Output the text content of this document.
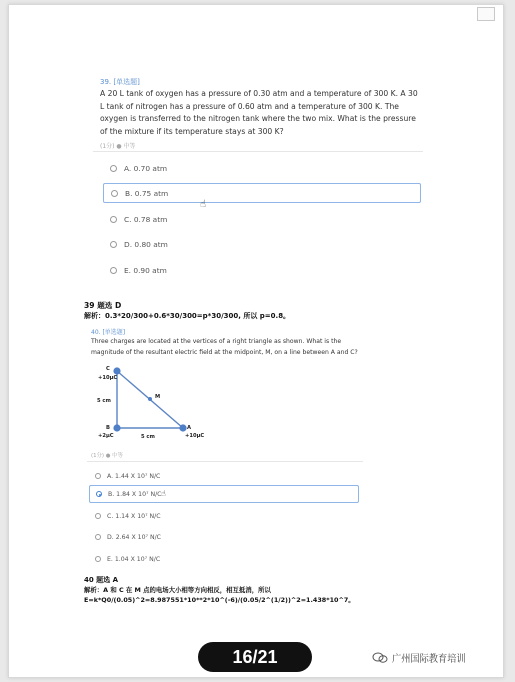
39. [单选题]
A 20 L tank of oxygen has a pressure of 0.30 atm and a temperature of 300 K. A 30 L tank of nitrogen has a pressure of 0.60 atm and a temperature of 300 K. The oxygen is transferred to the nitrogen tank where the two mix. What is the pressure of the mixture if its temperature stays at 300 K?
(1分) ● 中等
A. 0.70 atm
B. 0.75 atm
☝
C. 0.78 atm
D. 0.80 atm
E. 0.90 atm
39 题选 D
解析：0.3*20/300+0.6*30/300=p*30/300, 所以 p=0.8。
40. [单选题]
Three charges are located at the vertices of a right triangle as shown. What is the magnitude of the resultant electric field at the midpoint, M, on a line between A and C?
C
+10μC
B
+2μC
A
+10μC
M
5 cm
5 cm
(1分) ● 中等
A. 1.44 X 10⁷ N/C
B. 1.84 X 10⁷ N/C ☝
C. 1.14 X 10⁷ N/C
D. 2.64 X 10⁷ N/C
E. 1.04 X 10⁷ N/C
40 题选 A
解析：A 和 C 在 M 点的电场大小相等方向相反，相互抵消，所以
E=k*Q0/(0.05)^2=8.987551*10**2*10^(-6)/(0.05/2^(1/2))^2=1.438*10^7。
16/21	广州国际教育培训
